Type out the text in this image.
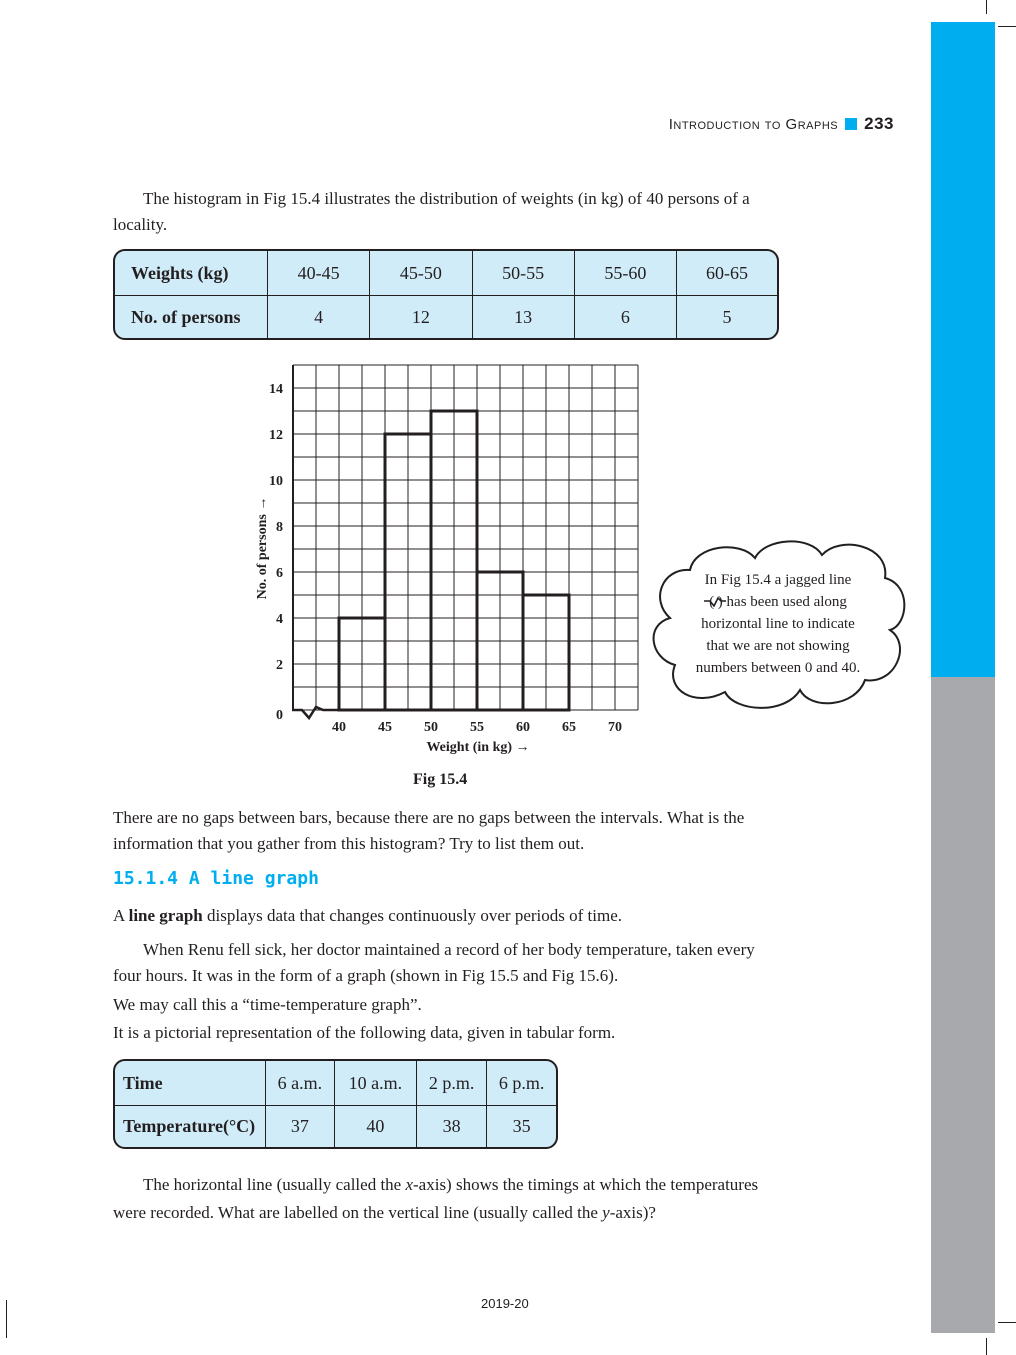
Introduction to Graphs 233

The histogram in Fig 15.4 illustrates the distribution of weights (in kg) of 40 persons of a locality.

Weights (kg)	40-45	45-50	50-55	55-60	60-65
No. of persons	4	12	13	6	5
40 45 50 55 60 65 70
0
2
4
6
8
10
12
14
Weight (in kg) →
No. of persons →
Fig 15.4
In Fig 15.4 a jagged line
( ) has been used along
horizontal line to indicate
that we are not showing
numbers between 0 and 40.

There are no gaps between bars, because there are no gaps between the intervals. What is the information that you gather from this histogram? Try to list them out.

15.1.4 A line graph

A line graph displays data that changes continuously over periods of time.

When Renu fell sick, her doctor maintained a record of her body temperature, taken every four hours. It was in the form of a graph (shown in Fig 15.5 and Fig 15.6).

We may call this a “time-temperature graph”.

It is a pictorial representation of the following data, given in tabular form.

Time	6 a.m.	10 a.m.	2 p.m.	6 p.m.
Temperature(°C)	37	40	38	35

The horizontal line (usually called the x-axis) shows the timings at which the temperatures were recorded. What are labelled on the vertical line (usually called the y-axis)?

2019-20
